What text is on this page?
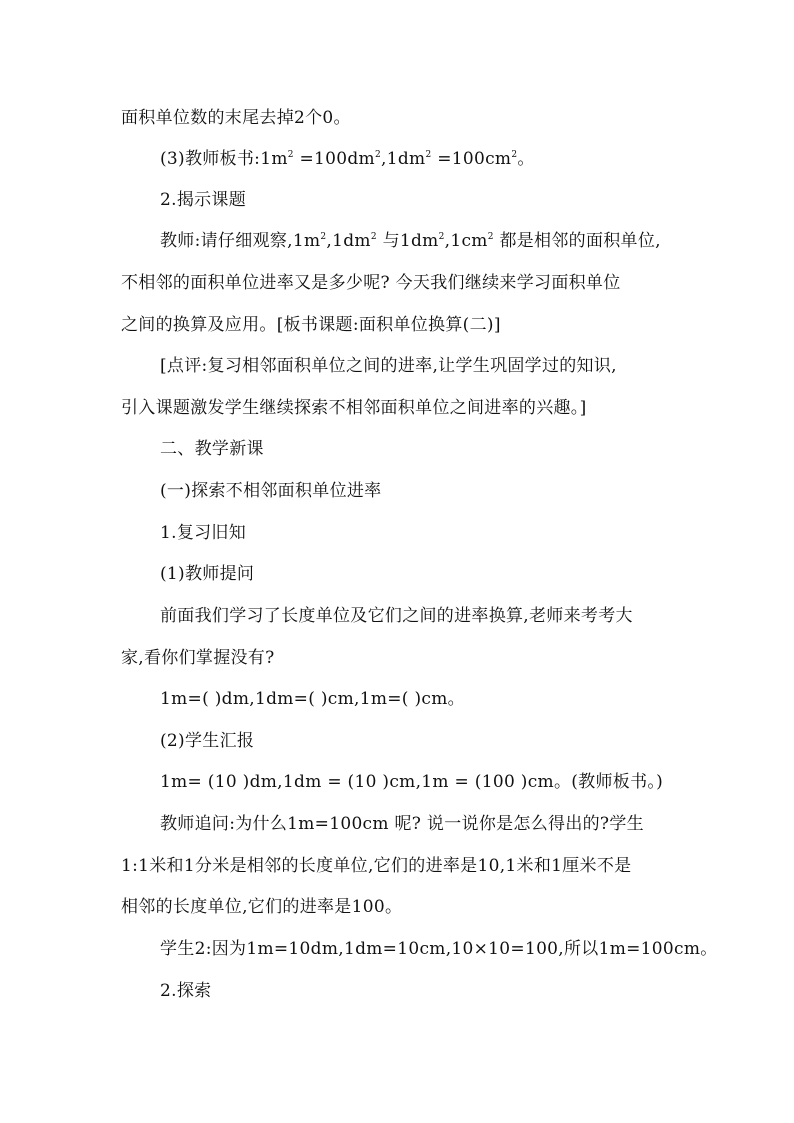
面积单位数的末尾去掉2个0。
(3)教师板书$:1m^2 =100dm^2,1dm^2 =100cm^2$。
2.揭示课题
教师:请仔细观察$,1m^2,1dm^2$ 与$1dm^2,1cm^2$ 都是相邻的面积单位,
不相邻的面积单位进率又是多少呢? 今天我们继续来学习面积单位
之间的换算及应用。[板书课题:面积单位换算(二)]
[点评:复习相邻面积单位之间的进率,让学生巩固学过的知识,
引入课题激发学生继续探索不相邻面积单位之间进率的兴趣。]
二、教学新课
(一)探索不相邻面积单位进率
1.复习旧知
(1)教师提问
前面我们学习了长度单位及它们之间的进率换算,老师来考考大
家,看你们掌握没有?
1m=( )dm,1dm=( )cm,1m=( )cm。
(2)学生汇报
1m= (10 )dm,1dm = (10 )cm,1m = (100 )cm。(教师板书。)
教师追问:为什么1m=100cm 呢? 说一说你是怎么得出的?学生
1:1米和1分米是相邻的长度单位,它们的进率是10,1米和1厘米不是
相邻的长度单位,它们的进率是100。
学生2:因为1m=10dm,1dm=10cm,10×10=100,所以1m=100cm。
2.探索
